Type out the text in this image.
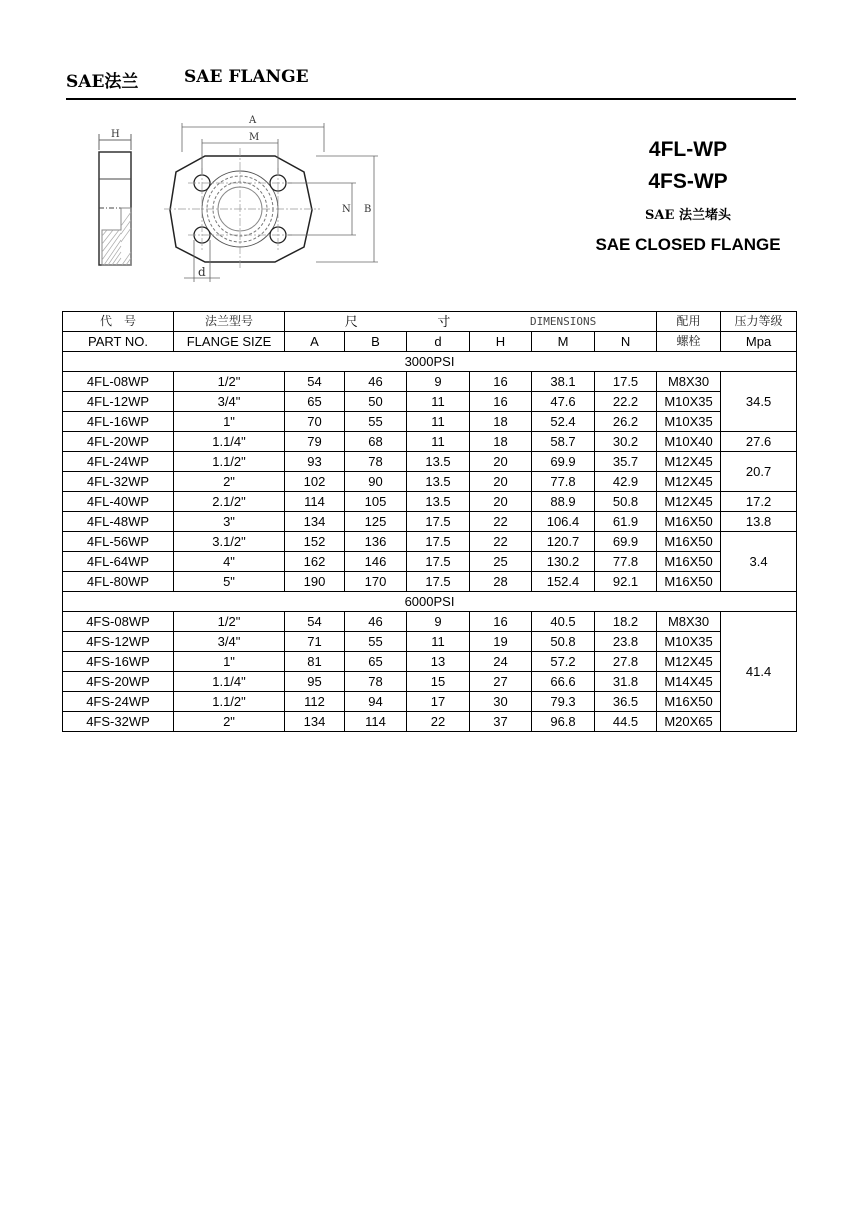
SAE法兰	SAE FLANGE
H
A
M
N B
d
4FL-WP
4FS-WP
SAE 法兰堵头
SAE CLOSED FLANGE
代　号	法兰型号	尺 寸 DIMENSIONS						配用	压力等级
PART NO.	FLANGE SIZE	A	B	d	H	M	N	螺栓	Mpa
3000PSI									
4FL-08WP	1/2"	54	46	9	16	38.1	17.5	M8X30	34.5
4FL-12WP	3/4"	65	50	11	16	47.6	22.2	M10X35	
4FL-16WP	1"	70	55	11	18	52.4	26.2	M10X35	
4FL-20WP	1.1/4"	79	68	11	18	58.7	30.2	M10X40	27.6
4FL-24WP	1.1/2"	93	78	13.5	20	69.9	35.7	M12X45	20.7
4FL-32WP	2"	102	90	13.5	20	77.8	42.9	M12X45	
4FL-40WP	2.1/2"	114	105	13.5	20	88.9	50.8	M12X45	17.2
4FL-48WP	3"	134	125	17.5	22	106.4	61.9	M16X50	13.8
4FL-56WP	3.1/2"	152	136	17.5	22	120.7	69.9	M16X50	3.4
4FL-64WP	4"	162	146	17.5	25	130.2	77.8	M16X50	
4FL-80WP	5"	190	170	17.5	28	152.4	92.1	M16X50	
6000PSI									
4FS-08WP	1/2"	54	46	9	16	40.5	18.2	M8X30	41.4
4FS-12WP	3/4"	71	55	11	19	50.8	23.8	M10X35	
4FS-16WP	1"	81	65	13	24	57.2	27.8	M12X45	
4FS-20WP	1.1/4"	95	78	15	27	66.6	31.8	M14X45	
4FS-24WP	1.1/2"	112	94	17	30	79.3	36.5	M16X50	
4FS-32WP	2"	134	114	22	37	96.8	44.5	M20X65	
